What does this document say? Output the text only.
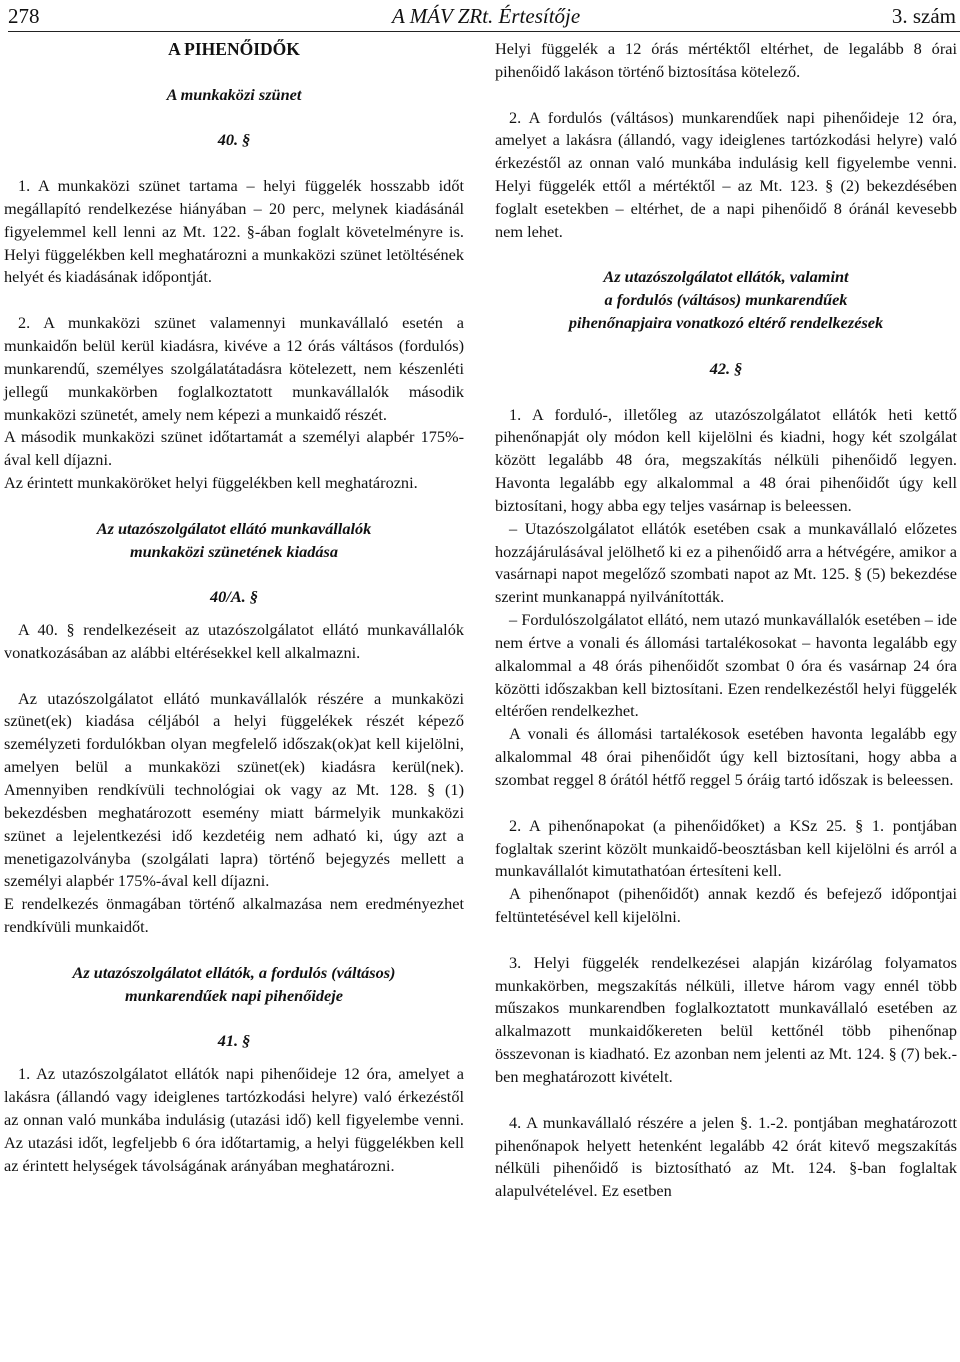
278	A MÁV ZRt. Értesítője	3. szám

A PIHENŐIDŐK

A munkaközi szünet

40. §

1. A munkaközi szünet tartama – helyi függelék hosszabb időt megállapító rendelkezése hiányában – 20 perc, melynek kiadásánál figyelemmel kell lenni az Mt. 122. §-ában foglalt követelményre is. Helyi függelékben kell meghatározni a munkaközi szünet letöltésének helyét és kiadásának időpontját.

2. A munkaközi szünet valamennyi munkavállaló esetén a munkaidőn belül kerül kiadásra, kivéve a 12 órás váltásos (fordulós) munkarendű, személyes szolgálatátadásra kötelezett, nem készenléti jellegű munkakörben foglalkoztatott munkavállalók második munkaközi szünetét, amely nem képezi a munkaidő részét.

A második munkaközi szünet időtartamát a személyi alapbér 175%-ával kell díjazni.

Az érintett munkaköröket helyi függelékben kell meghatározni.

Az utazószolgálatot ellátó munkavállalók

munkaközi szünetének kiadása

40/A. §

A 40. § rendelkezéseit az utazószolgálatot ellátó munkavállalók vonatkozásában az alábbi eltérésekkel kell alkalmazni.

Az utazószolgálatot ellátó munkavállalók részére a munkaközi szünet(ek) kiadása céljából a helyi függelékek részét képező személyzeti fordulókban olyan megfelelő időszak(ok)at kell kijelölni, amelyen belül a munkaközi szünet(ek) kiadásra kerül(nek). Amennyiben rendkívüli technológiai ok vagy az Mt. 128. § (1) bekezdésben meghatározott esemény miatt bármelyik munkaközi szünet a lejelentkezési idő kezdetéig nem adható ki, úgy azt a menetigazolványba (szolgálati lapra) történő bejegyzés mellett a személyi alapbér 175%-ával kell díjazni.

E rendelkezés önmagában történő alkalmazása nem eredményezhet rendkívüli munkaidőt.

Az utazószolgálatot ellátók, a fordulós (váltásos)

munkarendűek napi pihenőideje

41. §

1. Az utazószolgálatot ellátók napi pihenőideje 12 óra, amelyet a lakásra (állandó vagy ideiglenes tartózkodási helyre) való érkezéstől az onnan való munkába indulásig (utazási idő) kell figyelembe venni. Az utazási időt, legfeljebb 6 óra időtartamig, a helyi függelékben kell az érintett helységek távolságának arányában meghatározni.

Helyi függelék a 12 órás mértéktől eltérhet, de legalább 8 órai pihenőidő lakáson történő biztosítása kötelező.

2. A fordulós (váltásos) munkarendűek napi pihenőideje 12 óra, amelyet a lakásra (állandó, vagy ideiglenes tartózkodási helyre) való érkezéstől az onnan való munkába indulásig kell figyelembe venni. Helyi függelék ettől a mértéktől – az Mt. 123. § (2) bekezdésében foglalt esetekben – eltérhet, de a napi pihenőidő 8 óránál kevesebb nem lehet.

Az utazószolgálatot ellátók, valamint

a fordulós (váltásos) munkarendűek

pihenőnapjaira vonatkozó eltérő rendelkezések

42. §

1. A forduló-, illetőleg az utazószolgálatot ellátók heti kettő pihenőnapját oly módon kell kijelölni és kiadni, hogy két szolgálat között legalább 48 óra, megszakítás nélküli pihenőidő legyen. Havonta legalább egy alkalommal a 48 órai pihenőidőt úgy kell biztosítani, hogy abba egy teljes vasárnap is beleessen.

– Utazószolgálatot ellátók esetében csak a munkavállaló előzetes hozzájárulásával jelölhető ki ez a pihenőidő arra a hétvégére, amikor a vasárnapi napot megelőző szombati napot az Mt. 125. § (5) bekezdése szerint munkanappá nyilvánították.

– Fordulószolgálatot ellátó, nem utazó munkavállalók esetében – ide nem értve a vonali és állomási tartalékosokat – havonta legalább egy alkalommal a 48 órás pihenőidőt szombat 0 óra és vasárnap 24 óra közötti időszakban kell biztosítani. Ezen rendelkezéstől helyi függelék eltérően rendelkezhet.

A vonali és állomási tartalékosok esetében havonta legalább egy alkalommal 48 órai pihenőidőt úgy kell biztosítani, hogy abba a szombat reggel 8 órától hétfő reggel 5 óráig tartó időszak is beleessen.

2. A pihenőnapokat (a pihenőidőket) a KSz 25. § 1. pontjában foglaltak szerint közölt munkaidő-beosztásban kell kijelölni és arról a munkavállalót kimutathatóan értesíteni kell.

A pihenőnapot (pihenőidőt) annak kezdő és befejező időpontjai feltüntetésével kell kijelölni.

3. Helyi függelék rendelkezései alapján kizárólag folyamatos munkakörben, megszakítás nélküli, illetve három vagy ennél több műszakos munkarendben foglalkoztatott munkavállaló esetében az alkalmazott munkaidőkereten belül kettőnél több pihenőnap összevonan is kiadható. Ez azonban nem jelenti az Mt. 124. § (7) bek.-ben meghatározott kivételt.

4. A munkavállaló részére a jelen §. 1.-2. pontjában meghatározott pihenőnapok helyett hetenként legalább 42 órát kitevő megszakítás nélküli pihenőidő is biztosítható az Mt. 124. §-ban foglaltak alapulvételével. Ez esetben
